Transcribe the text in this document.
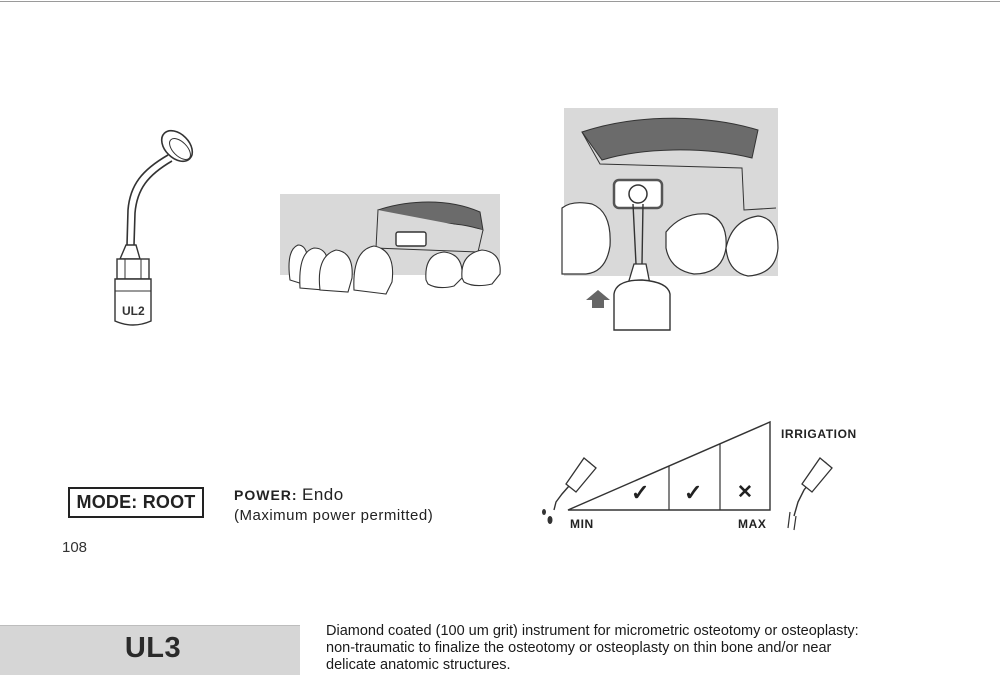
UL2
MODE: ROOT	POWER: Endo
(Maximum power permitted)
108
IRRIGATION
MIN	MAX
✓ ✓ ✕
UL3
Diamond coated (100 um grit) instrument for micrometric osteotomy or osteoplasty:
non-traumatic to finalize the osteotomy or osteoplasty on thin bone and/or near
delicate anatomic structures.
